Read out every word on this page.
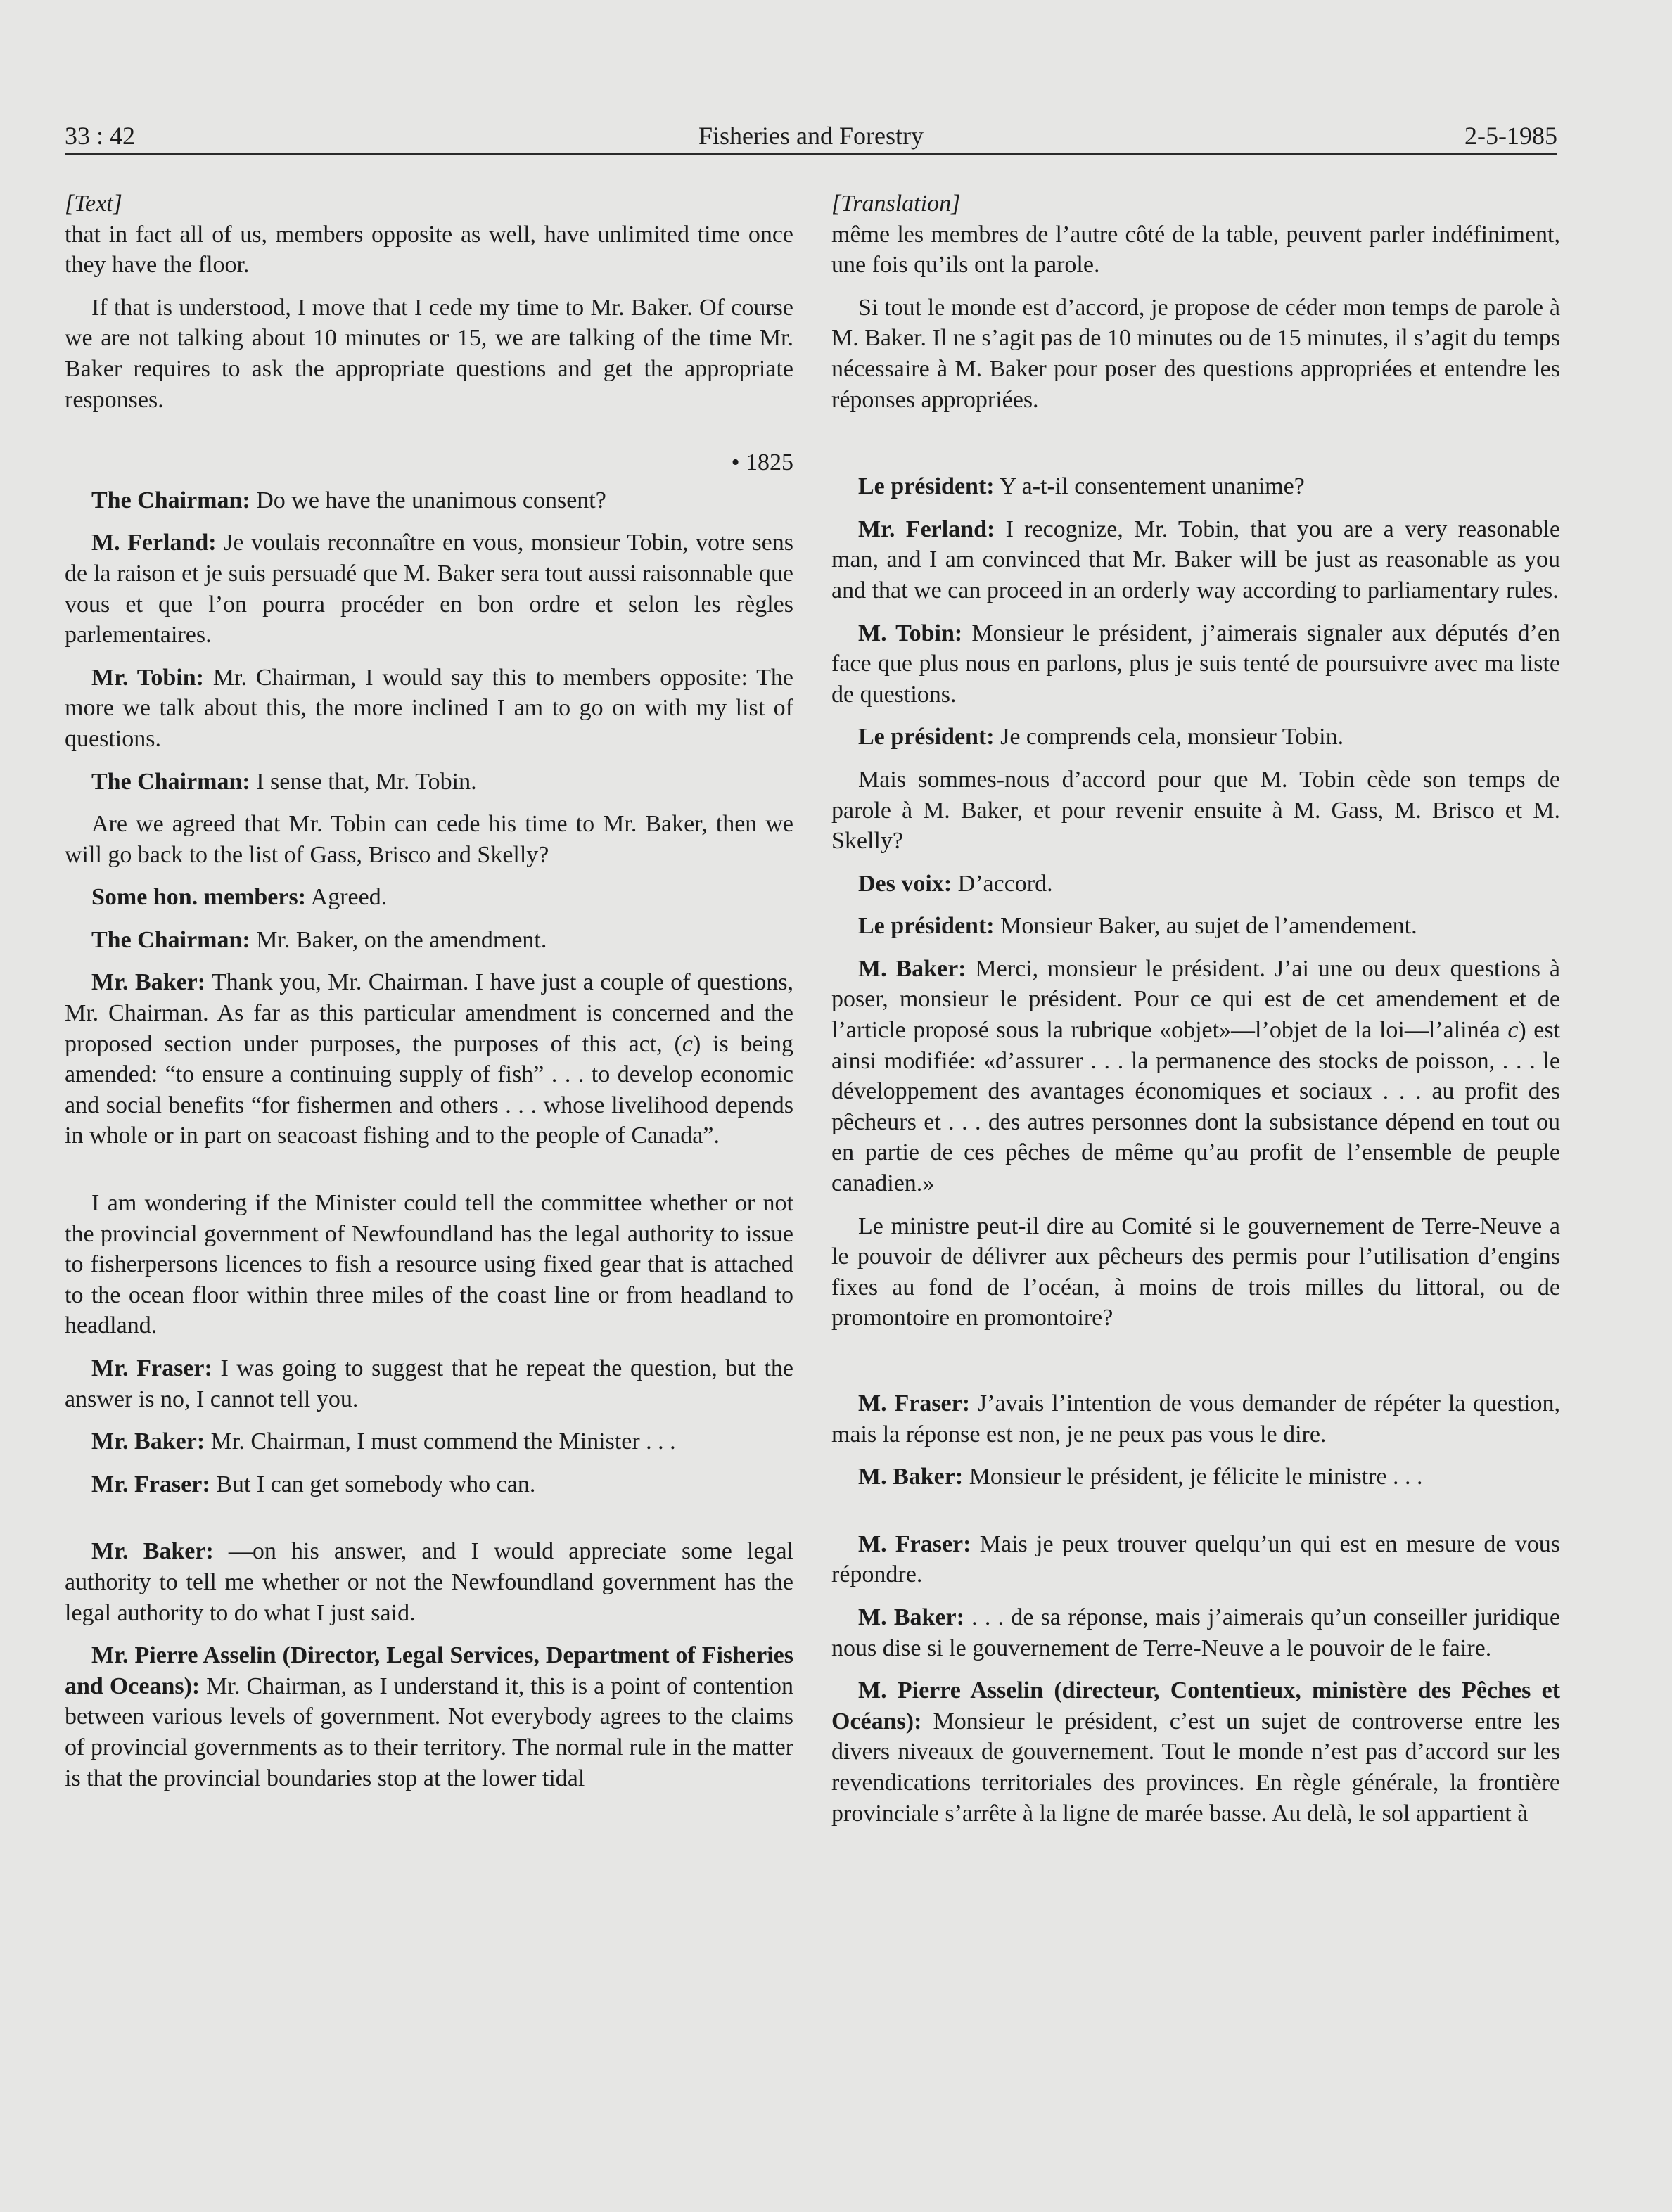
33 : 42	Fisheries and Forestry	2-5-1985
[Text]

that in fact all of us, members opposite as well, have unlimited time once they have the floor.

If that is understood, I move that I cede my time to Mr. Baker. Of course we are not talking about 10 minutes or 15, we are talking of the time Mr. Baker requires to ask the appropriate questions and get the appropriate responses.

• 1825

The Chairman: Do we have the unanimous consent?

M. Ferland: Je voulais reconnaître en vous, monsieur Tobin, votre sens de la raison et je suis persuadé que M. Baker sera tout aussi raisonnable que vous et que l’on pourra procéder en bon ordre et selon les règles parlementaires.

Mr. Tobin: Mr. Chairman, I would say this to members opposite: The more we talk about this, the more inclined I am to go on with my list of questions.

The Chairman: I sense that, Mr. Tobin.

Are we agreed that Mr. Tobin can cede his time to Mr. Baker, then we will go back to the list of Gass, Brisco and Skelly?

Some hon. members: Agreed.

The Chairman: Mr. Baker, on the amendment.

Mr. Baker: Thank you, Mr. Chairman. I have just a couple of questions, Mr. Chairman. As far as this particular amendment is concerned and the proposed section under purposes, the purposes of this act, (c) is being amended: “to ensure a continuing supply of fish” . . . to develop economic and social benefits “for fishermen and others . . . whose livelihood depends in whole or in part on seacoast fishing and to the people of Canada”.

I am wondering if the Minister could tell the committee whether or not the provincial government of Newfoundland has the legal authority to issue to fisherpersons licences to fish a resource using fixed gear that is attached to the ocean floor within three miles of the coast line or from headland to headland.

Mr. Fraser: I was going to suggest that he repeat the question, but the answer is no, I cannot tell you.

Mr. Baker: Mr. Chairman, I must commend the Minister . . .

Mr. Fraser: But I can get somebody who can.

Mr. Baker: —on his answer, and I would appreciate some legal authority to tell me whether or not the Newfoundland government has the legal authority to do what I just said.

Mr. Pierre Asselin (Director, Legal Services, Department of Fisheries and Oceans): Mr. Chairman, as I understand it, this is a point of contention between various levels of government. Not everybody agrees to the claims of provincial governments as to their territory. The normal rule in the matter is that the provincial boundaries stop at the lower tidal

[Translation]

même les membres de l’autre côté de la table, peuvent parler indéfiniment, une fois qu’ils ont la parole.

Si tout le monde est d’accord, je propose de céder mon temps de parole à M. Baker. Il ne s’agit pas de 10 minutes ou de 15 minutes, il s’agit du temps nécessaire à M. Baker pour poser des questions appropriées et entendre les réponses appropriées.

Le président: Y a-t-il consentement unanime?

Mr. Ferland: I recognize, Mr. Tobin, that you are a very reasonable man, and I am convinced that Mr. Baker will be just as reasonable as you and that we can proceed in an orderly way according to parliamentary rules.

M. Tobin: Monsieur le président, j’aimerais signaler aux députés d’en face que plus nous en parlons, plus je suis tenté de poursuivre avec ma liste de questions.

Le président: Je comprends cela, monsieur Tobin.

Mais sommes-nous d’accord pour que M. Tobin cède son temps de parole à M. Baker, et pour revenir ensuite à M. Gass, M. Brisco et M. Skelly?

Des voix: D’accord.

Le président: Monsieur Baker, au sujet de l’amendement.

M. Baker: Merci, monsieur le président. J’ai une ou deux questions à poser, monsieur le président. Pour ce qui est de cet amendement et de l’article proposé sous la rubrique «objet»—l’objet de la loi—l’alinéa c) est ainsi modifiée: «d’assurer . . . la permanence des stocks de poisson, . . . le développement des avantages économiques et sociaux . . . au profit des pêcheurs et . . . des autres personnes dont la subsistance dépend en tout ou en partie de ces pêches de même qu’au profit de l’ensemble de peuple canadien.»

Le ministre peut-il dire au Comité si le gouvernement de Terre-Neuve a le pouvoir de délivrer aux pêcheurs des permis pour l’utilisation d’engins fixes au fond de l’océan, à moins de trois milles du littoral, ou de promontoire en promontoire?

M. Fraser: J’avais l’intention de vous demander de répéter la question, mais la réponse est non, je ne peux pas vous le dire.

M. Baker: Monsieur le président, je félicite le ministre . . .

M. Fraser: Mais je peux trouver quelqu’un qui est en mesure de vous répondre.

M. Baker: . . . de sa réponse, mais j’aimerais qu’un conseiller juridique nous dise si le gouvernement de Terre-Neuve a le pouvoir de le faire.

M. Pierre Asselin (directeur, Contentieux, ministère des Pêches et Océans): Monsieur le président, c’est un sujet de controverse entre les divers niveaux de gouvernement. Tout le monde n’est pas d’accord sur les revendications territoriales des provinces. En règle générale, la frontière provinciale s’arrête à la ligne de marée basse. Au delà, le sol appartient à
